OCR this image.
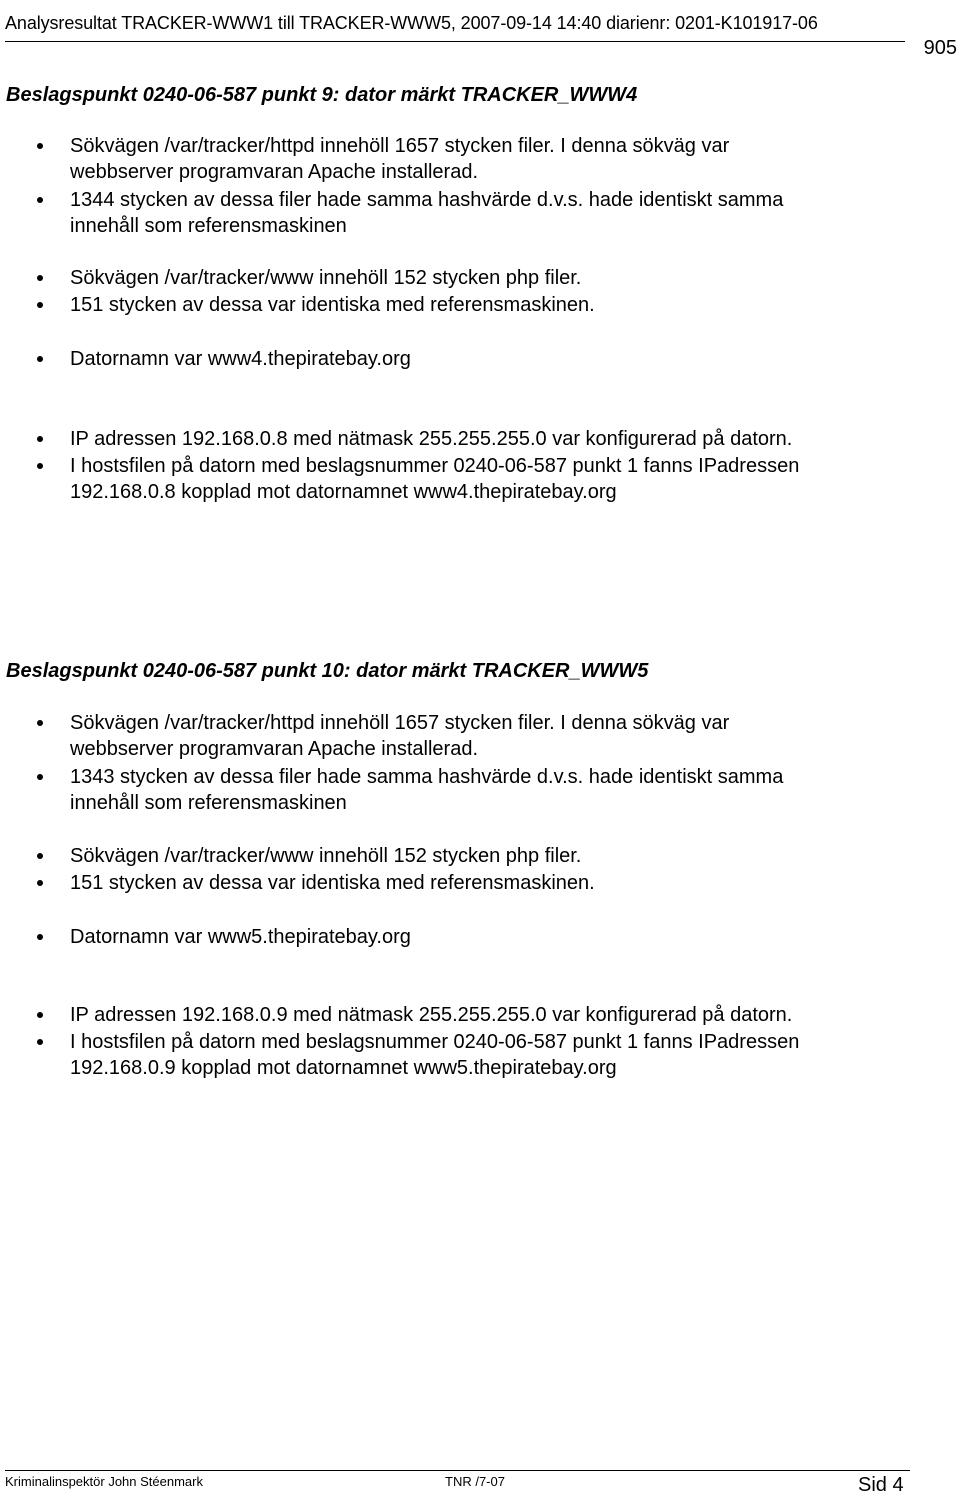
Analysresultat TRACKER-WWW1 till TRACKER-WWW5, 2007-09-14 14:40 diarienr: 0201-K101917-06
905
Beslagspunkt 0240-06-587 punkt 9: dator märkt TRACKER_WWW4
Sökvägen /var/tracker/httpd innehöll 1657 stycken filer. I denna sökväg var
webbserver programvaran Apache installerad.
1344 stycken av dessa filer hade samma hashvärde d.v.s. hade identiskt samma
innehåll som referensmaskinen
Sökvägen /var/tracker/www innehöll 152 stycken php filer.
151 stycken av dessa var identiska med referensmaskinen.
Datornamn var www4.thepiratebay.org
IP adressen 192.168.0.8 med nätmask 255.255.255.0 var konfigurerad på datorn.
I hostsfilen på datorn med beslagsnummer 0240-06-587 punkt 1 fanns IPadressen
192.168.0.8 kopplad mot datornamnet www4.thepiratebay.org
Beslagspunkt 0240-06-587 punkt 10: dator märkt TRACKER_WWW5
Sökvägen /var/tracker/httpd innehöll 1657 stycken filer. I denna sökväg var
webbserver programvaran Apache installerad.
1343 stycken av dessa filer hade samma hashvärde d.v.s. hade identiskt samma
innehåll som referensmaskinen
Sökvägen /var/tracker/www innehöll 152 stycken php filer.
151 stycken av dessa var identiska med referensmaskinen.
Datornamn var www5.thepiratebay.org
IP adressen 192.168.0.9 med nätmask 255.255.255.0 var konfigurerad på datorn.
I hostsfilen på datorn med beslagsnummer 0240-06-587 punkt 1 fanns IPadressen
192.168.0.9 kopplad mot datornamnet www5.thepiratebay.org
Kriminalinspektör John Stéenmark	TNR /7-07	Sid 4
